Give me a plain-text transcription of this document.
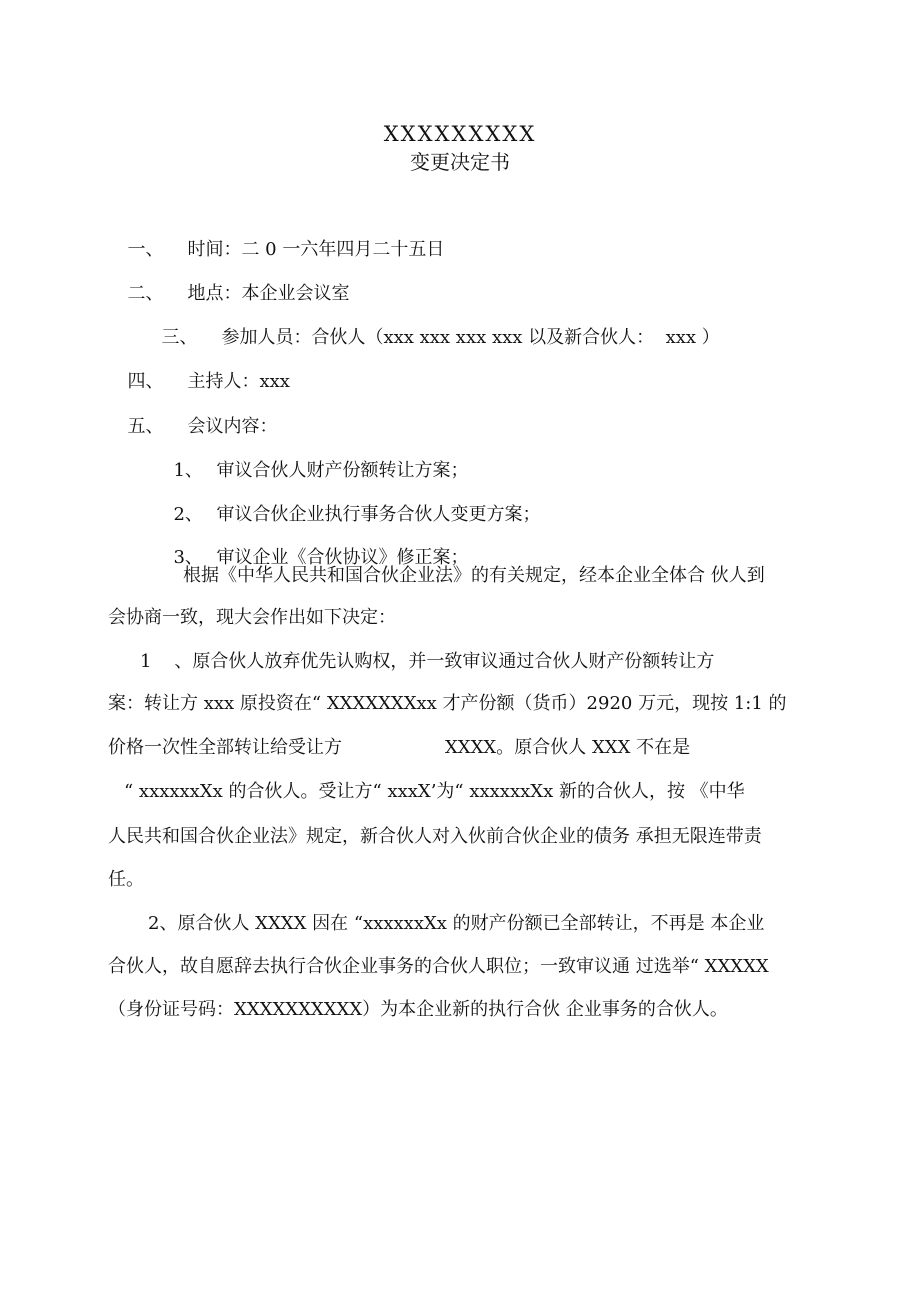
XXXXXXXXX
变更决定书

一、 时间：二 0 一六年四月二十五日

二、 地点：本企业会议室

三、 参加人员：合伙人（xxx xxx xxx xxx 以及新合伙人：  xxx ）

四、 主持人：xxx

五、 会议内容：

1、 审议合伙人财产份额转让方案；

2、 审议合伙企业执行事务合伙人变更方案；

3、 审议企业《合伙协议》修正案；

根据《中华人民共和国合伙企业法》的有关规定，经本企业全体合 伙人到

会协商一致，现大会作出如下决定：

1    、原合伙人放弃优先认购权，并一致审议通过合伙人财产份额转让方

案：转让方 xxx 原投资在“ XXXXXXXxx 才产份额（货币）2920 万元，现按 1:1 的

价格一次性全部转让给受让方                  XXXX。原合伙人 XXX 不在是

“ xxxxxxXx 的合伙人。受让方“ xxxX’为“ xxxxxxXx 新的合伙人，按 《中华

人民共和国合伙企业法》规定，新合伙人对入伙前合伙企业的债务 承担无限连带责

任。

2、原合伙人 XXXX 因在 “xxxxxxXx 的财产份额已全部转让，不再是 本企业

合伙人，故自愿辞去执行合伙企业事务的合伙人职位；一致审议通 过选举“ XXXXX

（身份证号码：XXXXXXXXXX）为本企业新的执行合伙 企业事务的合伙人。
